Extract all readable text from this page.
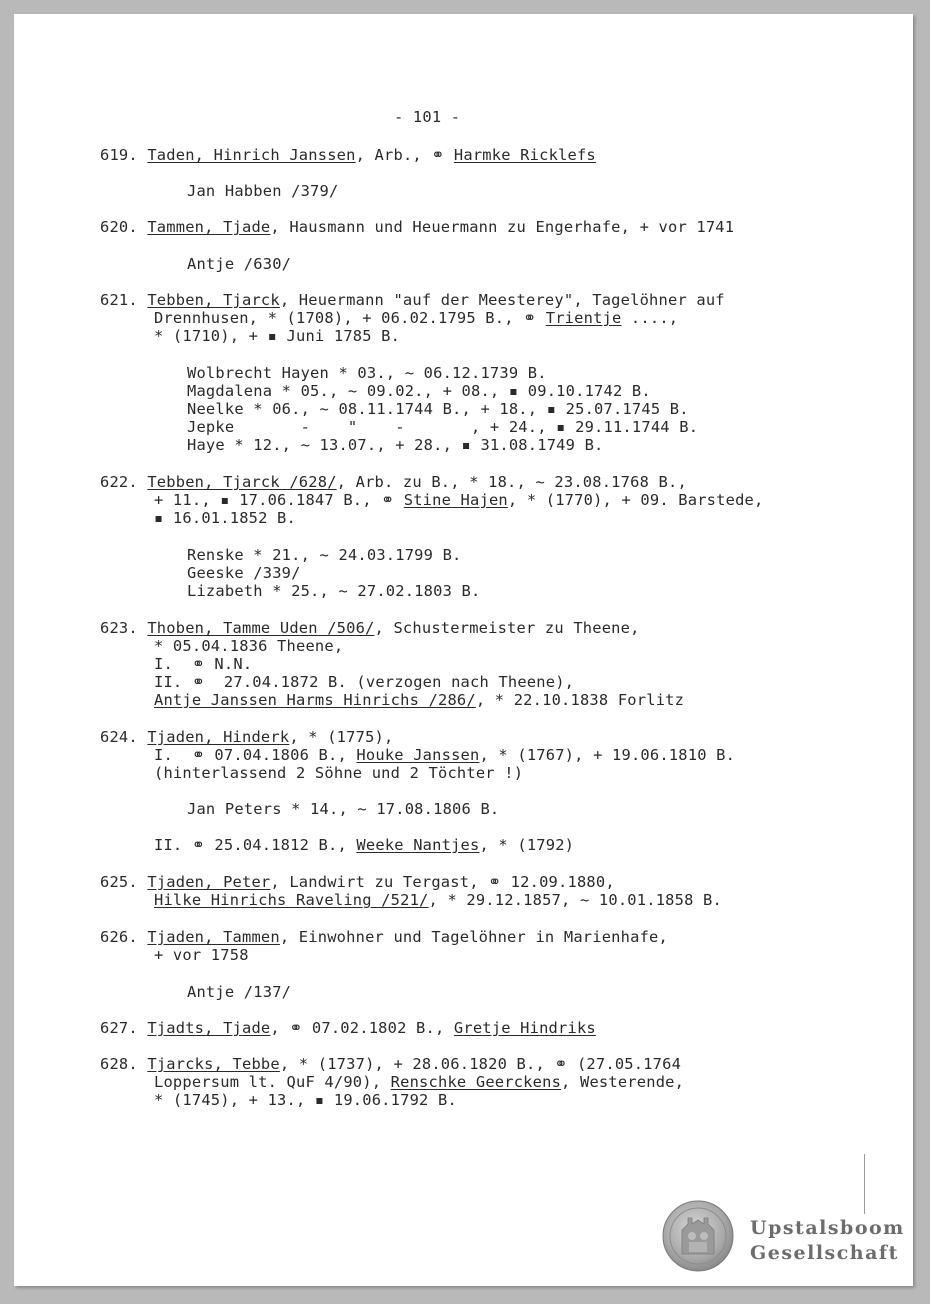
- 101 -
619. Taden, Hinrich Janssen, Arb., ⚭ Harmke Ricklefs
Jan Habben /379/
620. Tammen, Tjade, Hausmann und Heuermann zu Engerhafe, + vor 1741
Antje /630/
621. Tebben, Tjarck, Heuermann "auf der Meesterey", Tagelöhner auf
Drennhusen, * (1708), + 06.02.1795 B., ⚭ Trientje ....,
* (1710), + ▪ Juni 1785 B.
Wolbrecht Hayen * 03., ~ 06.12.1739 B.
Magdalena * 05., ~ 09.02., + 08., ▪ 09.10.1742 B.
Neelke * 06., ~ 08.11.1744 B., + 18., ▪ 25.07.1745 B.
Jepke       -    "    -       , + 24., ▪ 29.11.1744 B.
Haye * 12., ~ 13.07., + 28., ▪ 31.08.1749 B.
622. Tebben, Tjarck /628/, Arb. zu B., * 18., ~ 23.08.1768 B.,
+ 11., ▪ 17.06.1847 B., ⚭ Stine Hajen, * (1770), + 09. Barstede,
▪ 16.01.1852 B.
Renske * 21., ~ 24.03.1799 B.
Geeske /339/
Lizabeth * 25., ~ 27.02.1803 B.
623. Thoben, Tamme Uden /506/, Schustermeister zu Theene,
* 05.04.1836 Theene,
I.  ⚭ N.N.
II. ⚭  27.04.1872 B. (verzogen nach Theene),
Antje Janssen Harms Hinrichs /286/, * 22.10.1838 Forlitz
624. Tjaden, Hinderk, * (1775),
I.  ⚭ 07.04.1806 B., Houke Janssen, * (1767), + 19.06.1810 B.
(hinterlassend 2 Söhne und 2 Töchter !)
Jan Peters * 14., ~ 17.08.1806 B.
II. ⚭ 25.04.1812 B., Weeke Nantjes, * (1792)
625. Tjaden, Peter, Landwirt zu Tergast, ⚭ 12.09.1880,
Hilke Hinrichs Raveling /521/, * 29.12.1857, ~ 10.01.1858 B.
626. Tjaden, Tammen, Einwohner und Tagelöhner in Marienhafe,
+ vor 1758
Antje /137/
627. Tjadts, Tjade, ⚭ 07.02.1802 B., Gretje Hindriks
628. Tjarcks, Tebbe, * (1737), + 28.06.1820 B., ⚭ (27.05.1764
Loppersum lt. QuF 4/90), Renschke Geerckens, Westerende,
* (1745), + 13., ▪ 19.06.1792 B.
Upstalsboom
Gesellschaft
